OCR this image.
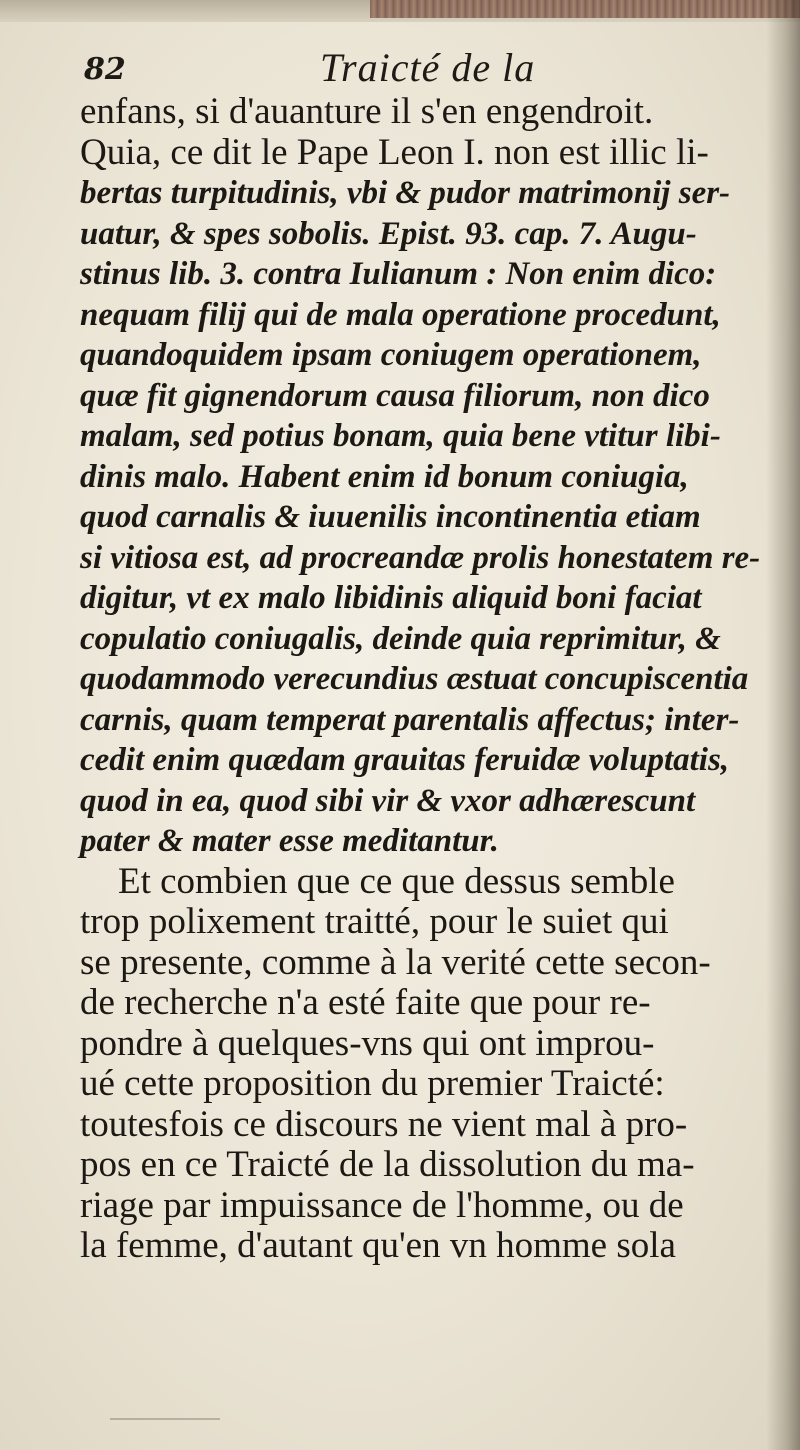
82	Traicté de la
enfans, si d'auanture il s'en engendroit.
Quia, ce dit le Pape Leon I. non est illic li-
bertas turpitudinis, vbi & pudor matrimonij ser-
uatur, & spes sobolis. Epist. 93. cap. 7. Augu-
stinus lib. 3. contra Iulianum : Non enim dico:
nequam filij qui de mala operatione procedunt,
quandoquidem ipsam coniugem operationem,
quæ fit gignendorum causa filiorum, non dico
malam, sed potius bonam, quia bene vtitur libi-
dinis malo. Habent enim id bonum coniugia,
quod carnalis & iuuenilis incontinentia etiam
si vitiosa est, ad procreandæ prolis honestatem re-
digitur, vt ex malo libidinis aliquid boni faciat
copulatio coniugalis, deinde quia reprimitur, &
quodammodo verecundius æstuat concupiscentia
carnis, quam temperat parentalis affectus; inter-
cedit enim quædam grauitas feruidæ voluptatis,
quod in ea, quod sibi vir & vxor adhærescunt
pater & mater esse meditantur.
Et combien que ce que dessus semble
trop polixement traitté, pour le suiet qui
se presente, comme à la verité cette secon-
de recherche n'a esté faite que pour re-
pondre à quelques-vns qui ont improu-
ué cette proposition du premier Traicté:
toutesfois ce discours ne vient mal à pro-
pos en ce Traicté de la dissolution du ma-
riage par impuissance de l'homme, ou de
la femme, d'autant qu'en vn homme sola
